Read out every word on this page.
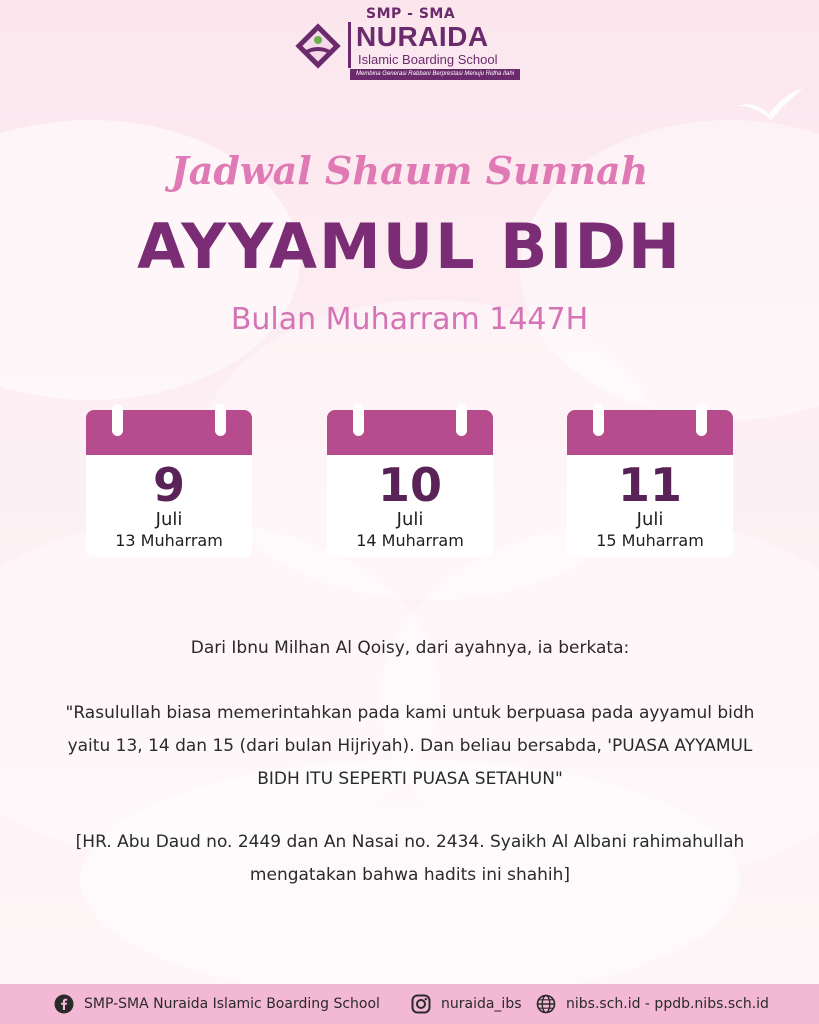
SMP - SMA
NURAIDA
Islamic Boarding School
Membina Generasi Rabbani Berprestasi Menuju Ridha Ilahi
Jadwal Shaum Sunnah
AYYAMUL BIDH
Bulan Muharram 1447H
9
Juli
13 Muharram
10
Juli
14 Muharram
11
Juli
15 Muharram
Dari Ibnu Milhan Al Qoisy, dari ayahnya, ia berkata:
"Rasulullah biasa memerintahkan pada kami untuk berpuasa pada ayyamul bidh yaitu 13, 14 dan 15 (dari bulan Hijriyah). Dan beliau bersabda, 'PUASA AYYAMUL BIDH ITU SEPERTI PUASA SETAHUN"
[HR. Abu Daud no. 2449 dan An Nasai no. 2434. Syaikh Al Albani rahimahullah mengatakan bahwa hadits ini shahih]
SMP-SMA Nuraida Islamic Boarding School	nuraida_ibs	nibs.sch.id - ppdb.nibs.sch.id
